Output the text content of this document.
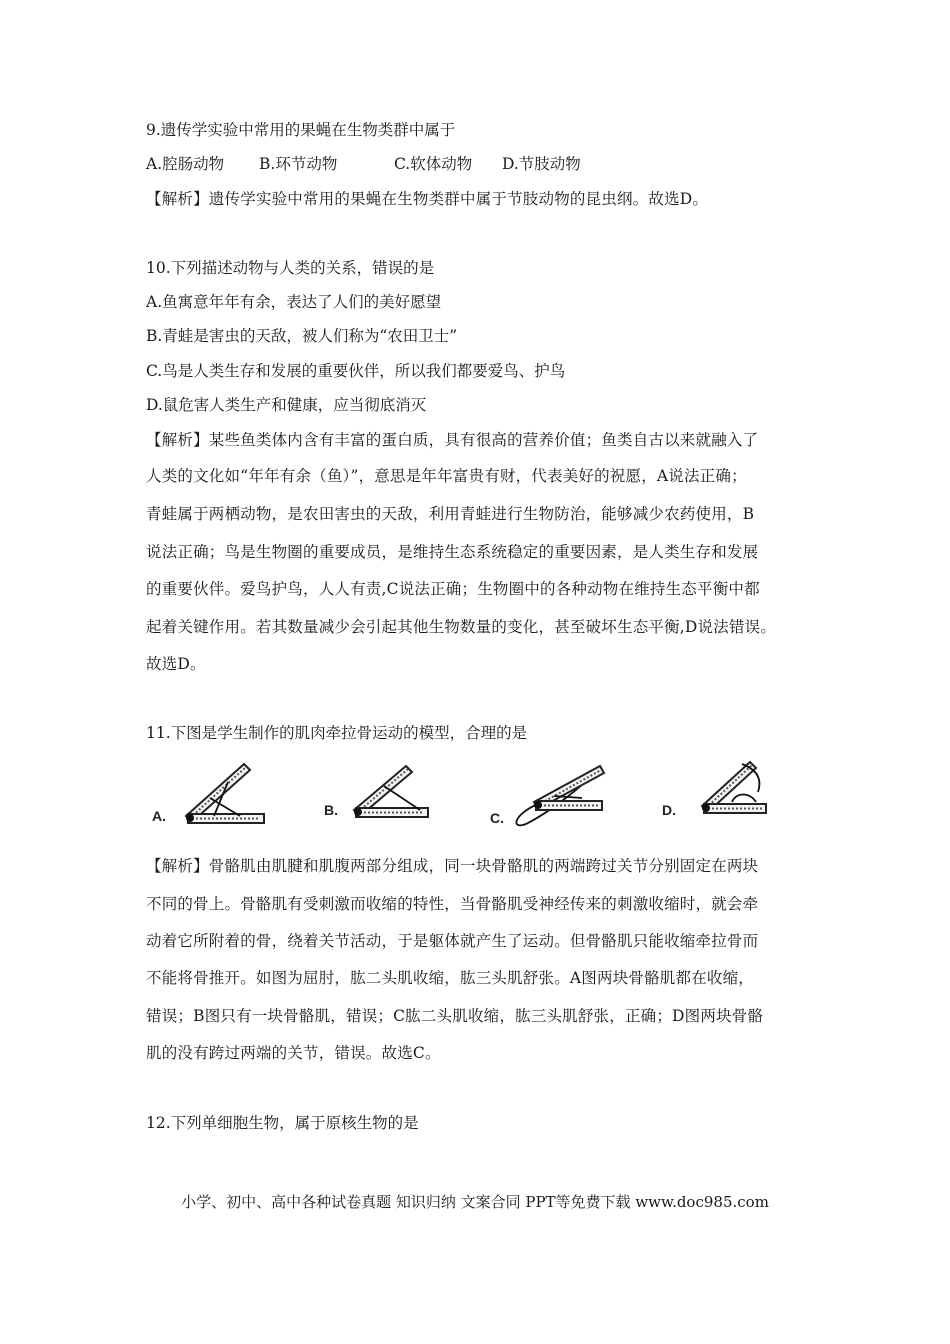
9.遗传学实验中常用的果蝇在生物类群中属于
A.腔肠动物 B.环节动物	C.软体动物 D.节肢动物
【解析】遗传学实验中常用的果蝇在生物类群中属于节肢动物的昆虫纲。故选D。
10.下列描述动物与人类的关系，错误的是
A.鱼寓意年年有余，表达了人们的美好愿望
B.青蛙是害虫的天敌，被人们称为“农田卫士”
C.鸟是人类生存和发展的重要伙伴，所以我们都要爱鸟、护鸟
D.鼠危害人类生产和健康，应当彻底消灭
【解析】某些鱼类体内含有丰富的蛋白质，具有很高的营养价值；鱼类自古以来就融入了
人类的文化如“年年有余（鱼）”，意思是年年富贵有财，代表美好的祝愿，A说法正确；
青蛙属于两栖动物，是农田害虫的天敌，利用青蛙进行生物防治，能够减少农药使用，B
说法正确；鸟是生物圈的重要成员，是维持生态系统稳定的重要因素，是人类生存和发展
的重要伙伴。爱鸟护鸟，人人有责,C说法正确；生物圈中的各种动物在维持生态平衡中都
起着关键作用。若其数量减少会引起其他生物数量的变化，甚至破坏生态平衡,D说法错误。
故选D。
11.下图是学生制作的肌肉牵拉骨运动的模型，合理的是
A.	B.	C.	D.
【解析】骨骼肌由肌腱和肌腹两部分组成，同一块骨骼肌的两端跨过关节分别固定在两块
不同的骨上。骨骼肌有受刺激而收缩的特性，当骨骼肌受神经传来的刺激收缩时，就会牵
动着它所附着的骨，绕着关节活动，于是躯体就产生了运动。但骨骼肌只能收缩牵拉骨而
不能将骨推开。如图为屈肘，肱二头肌收缩，肱三头肌舒张。A图两块骨骼肌都在收缩，
错误；B图只有一块骨骼肌，错误；C肱二头肌收缩，肱三头肌舒张，正确；D图两块骨骼
肌的没有跨过两端的关节，错误。故选C。
12.下列单细胞生物，属于原核生物的是
小学、初中、高中各种试卷真题 知识归纳 文案合同 PPT等免费下载 www.doc985.com
